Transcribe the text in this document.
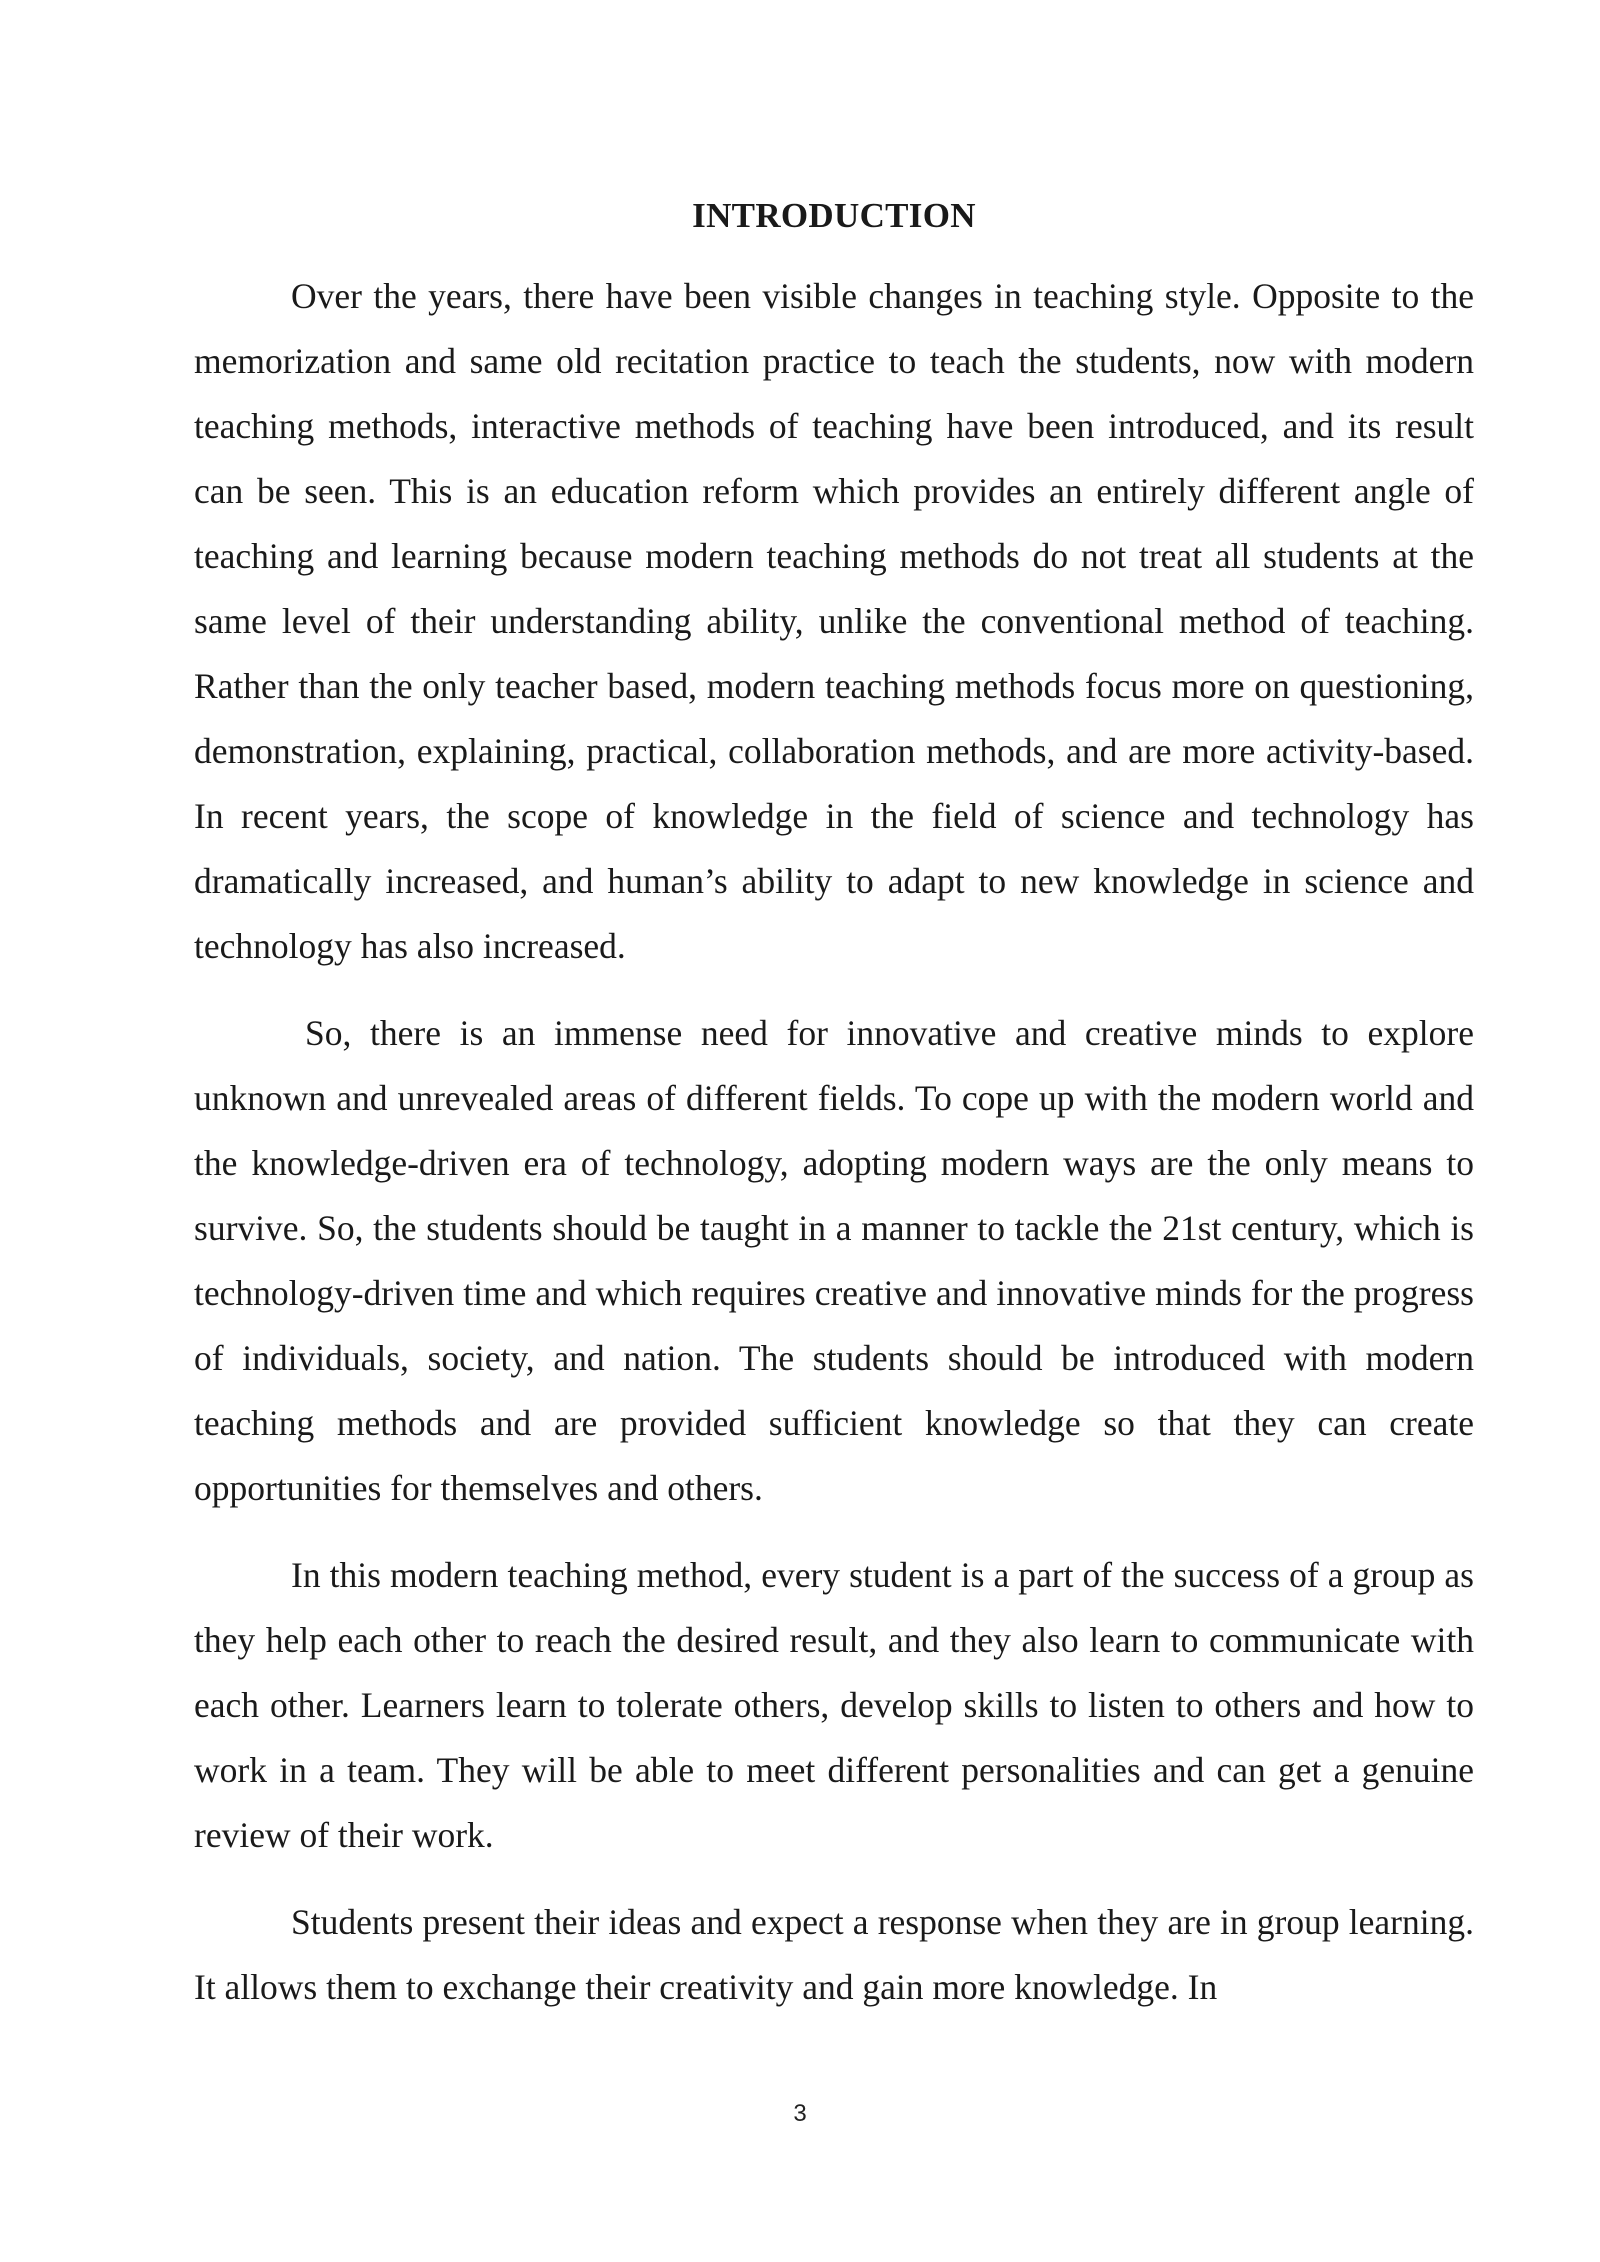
INTRODUCTION

Over the years, there have been visible changes in teaching style. Opposite to the memorization and same old recitation practice to teach the students, now with modern teaching methods, interactive methods of teaching have been introduced, and its result can be seen. This is an education reform which provides an entirely different angle of teaching and learning because modern teaching methods do not treat all students at the same level of their understanding ability, unlike the conventional method of teaching. Rather than the only teacher based, modern teaching methods focus more on questioning, demonstration, explaining, practical, collaboration methods, and are more activity-based. In recent years, the scope of knowledge in the field of science and technology has dramatically increased, and human’s ability to adapt to new knowledge in science and technology has also increased.

So, there is an immense need for innovative and creative minds to explore unknown and unrevealed areas of different fields. To cope up with the modern world and the knowledge-driven era of technology, adopting modern ways are the only means to survive. So, the students should be taught in a manner to tackle the 21st century, which is technology-driven time and which requires creative and innovative minds for the progress of individuals, society, and nation. The students should be introduced with modern teaching methods and are provided sufficient knowledge so that they can create opportunities for themselves and others.

In this modern teaching method, every student is a part of the success of a group as they help each other to reach the desired result, and they also learn to communicate with each other. Learners learn to tolerate others, develop skills to listen to others and how to work in a team. They will be able to meet different personalities and can get a genuine review of their work.

Students present their ideas and expect a response when they are in group learning. It allows them to exchange their creativity and gain more knowledge. In

3
